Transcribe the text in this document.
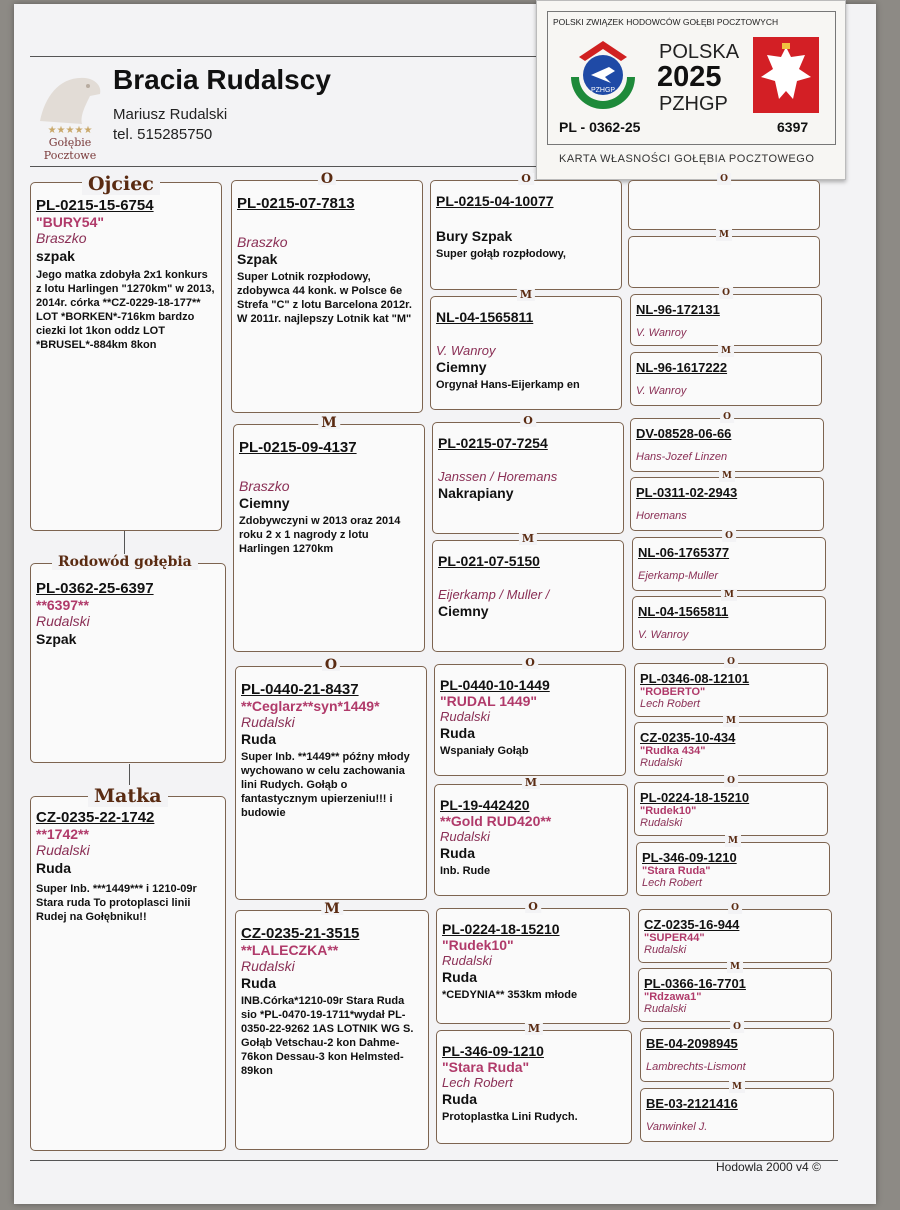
★★★★★
Gołębie
Pocztowe
Bracia Rudalscy
Mariusz Rudalski
tel. 515285750
POLSKI ZWIĄZEK HODOWCÓW GOŁĘBI POCZTOWYCH
PZHGP
POLSKA
2025
PZHGP
PL - 0362-25	6397
KARTA WŁASNOŚCI GOŁĘBIA POCZTOWEGO
PL-0215-15-6754
"BURY54"
Braszko
szpak
Jego matka zdobyła 2x1 konkurs z lotu Harlingen "1270km" w 2013, 2014r. córka **CZ-0229-18-177** LOT *BORKEN*-716km bardzo ciezki lot 1kon oddz LOT *BRUSEL*-884km 8kon
Ojciec
PL-0362-25-6397
**6397**
Rudalski
Szpak
Rodowód gołębia
CZ-0235-22-1742
**1742**
Rudalski
Ruda
Super Inb. ***1449*** i 1210-09r Stara ruda To protoplasci linii Rudej na Gołębniku!!
Matka
O
PL-0215-07-7813
Braszko
Szpak
Super Lotnik rozpłodowy, zdobywca 44 konk. w Polsce 6e Strefa "C" z lotu Barcelona 2012r. W 2011r. najlepszy Lotnik kat "M"
M
PL-0215-09-4137
Braszko
Ciemny
Zdobywczyni w 2013 oraz 2014 roku 2 x 1 nagrody z lotu Harlingen 1270km
O
PL-0440-21-8437
**Ceglarz**syn*1449*
Rudalski
Ruda
Super Inb. **1449** późny młody wychowano w celu zachowania lini Rudych. Gołąb o fantastycznym upierzeniu!!! i budowie
M
CZ-0235-21-3515
**LALECZKA**
Rudalski
Ruda
INB.Córka*1210-09r Stara Ruda sio *PL-0470-19-1711*wydał PL-0350-22-9262 1AS LOTNIK WG S. Gołąb Vetschau-2 kon Dahme-76kon Dessau-3 kon Helmsted-89kon
O
PL-0215-04-10077
Bury Szpak
Super gołąb rozpłodowy,
M
NL-04-1565811
V. Wanroy
Ciemny
Orgynał Hans-Eijerkamp en
O
PL-0215-07-7254
Janssen / Horemans
Nakrapiany
M
PL-021-07-5150
Eijerkamp / Muller /
Ciemny
O
PL-0440-10-1449
"RUDAL 1449"
Rudalski
Ruda
Wspaniały Gołąb
M
PL-19-442420
**Gold RUD420**
Rudalski
Ruda
Inb. Rude
O
PL-0224-18-15210
"Rudek10"
Rudalski
Ruda
*CEDYNIA** 353km młode
M
PL-346-09-1210
"Stara Ruda"
Lech Robert
Ruda
Protoplastka Lini Rudych.
O
M
O
NL-96-172131
V. Wanroy
M
NL-96-1617222
V. Wanroy
O
DV-08528-06-66
Hans-Jozef Linzen
M
PL-0311-02-2943
Horemans
O
NL-06-1765377
Ejerkamp-Muller
M
NL-04-1565811
V. Wanroy
O
PL-0346-08-12101
"ROBERTO"
Lech Robert
M
CZ-0235-10-434
"Rudka 434"
Rudalski
O
PL-0224-18-15210
"Rudek10"
Rudalski
M
PL-346-09-1210
"Stara Ruda"
Lech Robert
O
CZ-0235-16-944
"SUPER44"
Rudalski
M
PL-0366-16-7701
"Rdzawa1"
Rudalski
O
BE-04-2098945
Lambrechts-Lismont
M
BE-03-2121416
Vanwinkel J.
Hodowla 2000 v4 ©
